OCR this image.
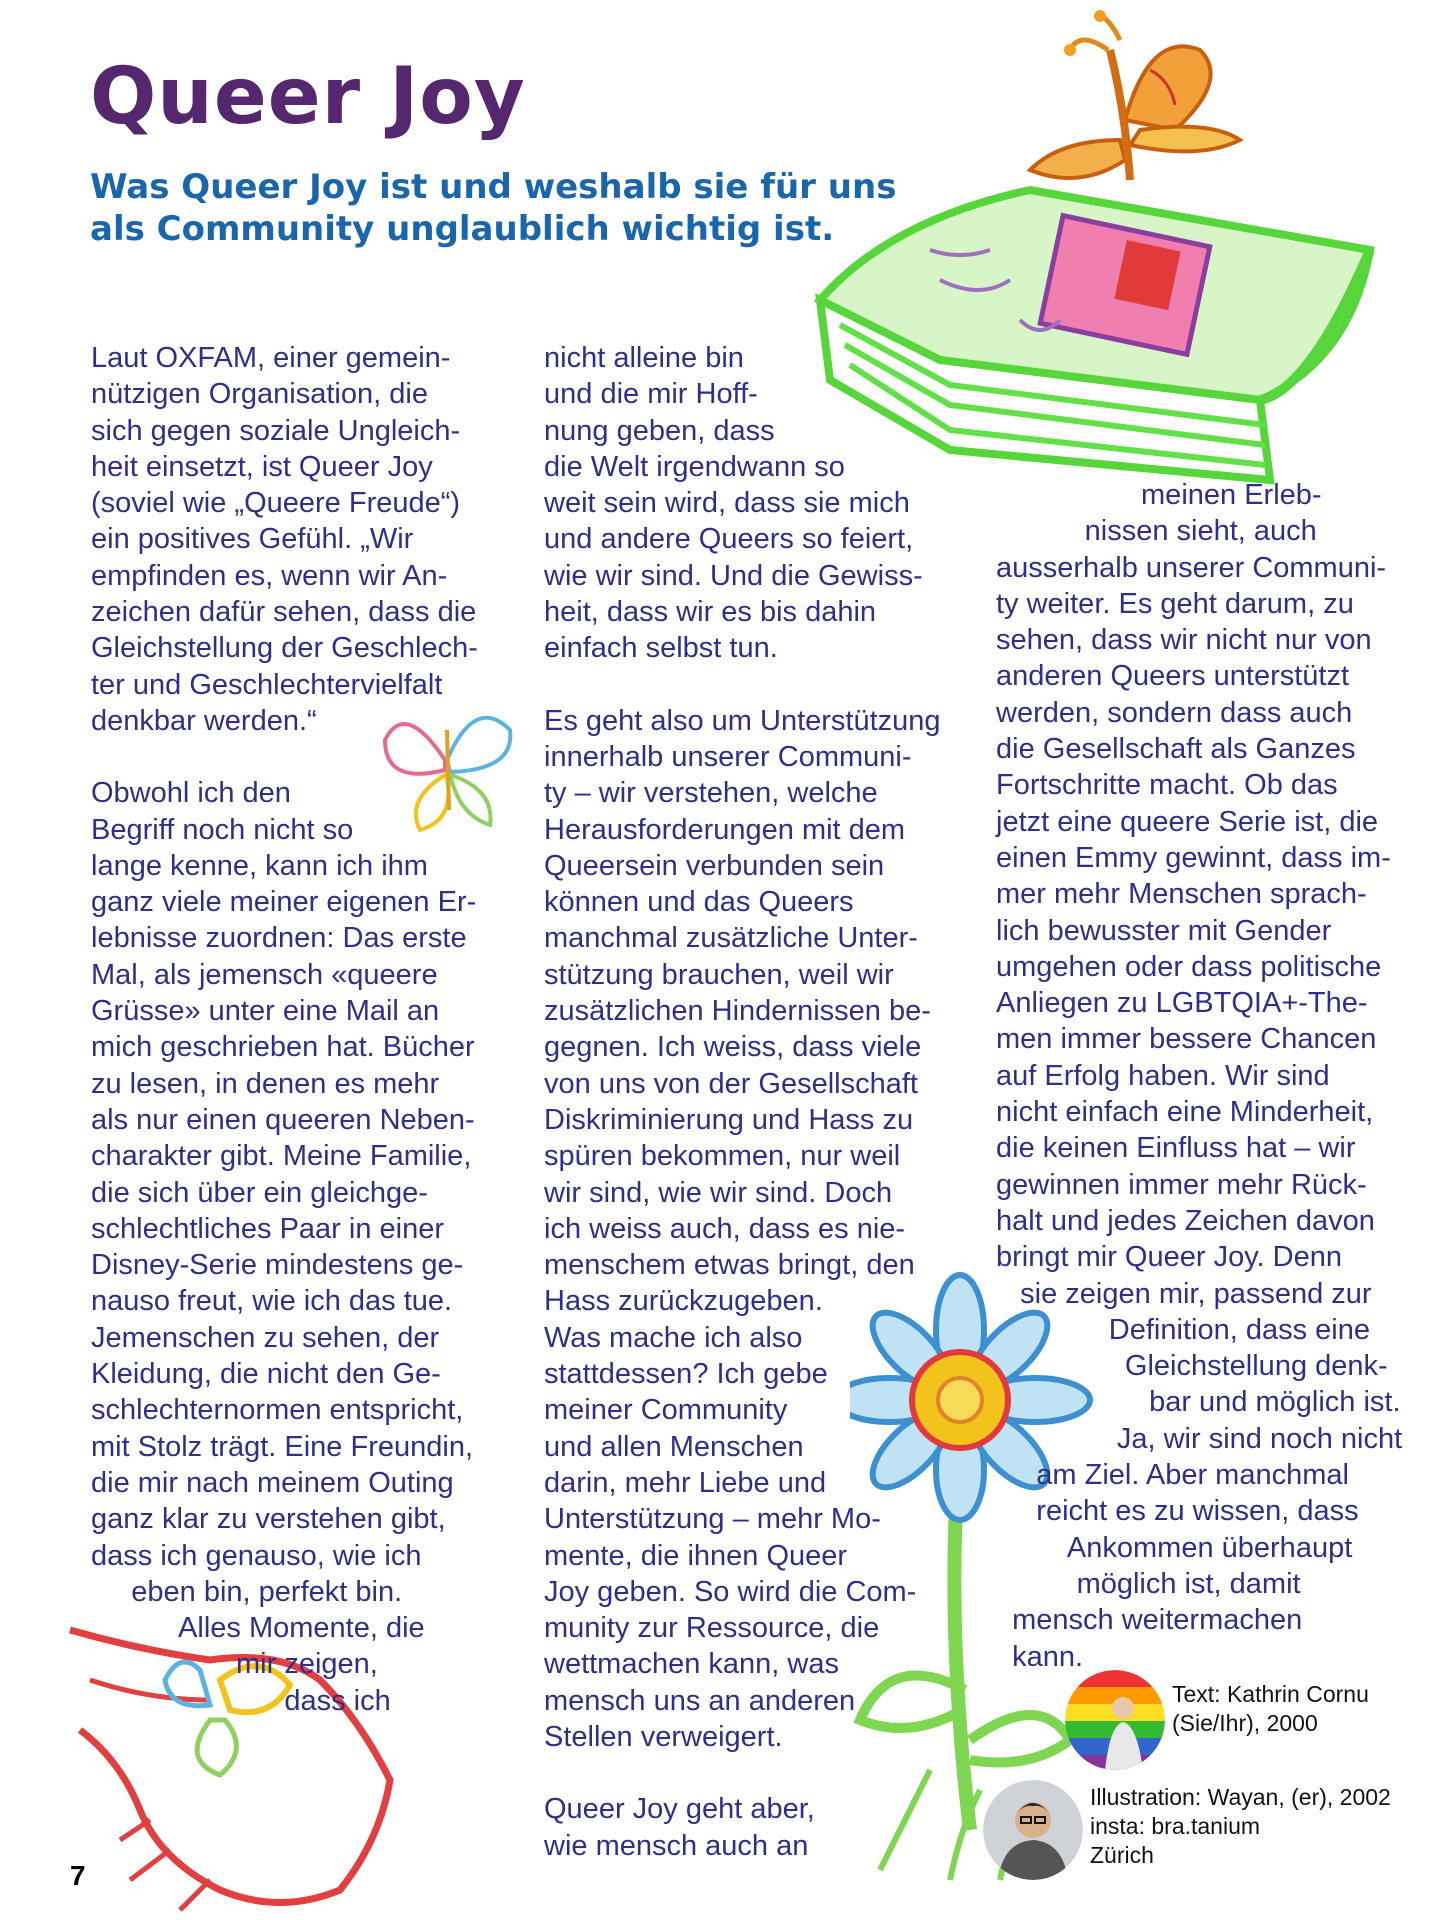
Queer Joy
Was Queer Joy ist und weshalb sie für uns
als Community unglaublich wichtig ist.

Laut OXFAM, einer gemein-

nützigen Organisation, die

sich gegen soziale Ungleich-

heit einsetzt, ist Queer Joy

(soviel wie „Queere Freude“)

ein positives Gefühl. „Wir

empfinden es, wenn wir An-

zeichen dafür sehen, dass die

Gleichstellung der Geschlech-

ter und Geschlechtervielfalt

denkbar werden.“

Obwohl ich den

Begriff noch nicht so

lange kenne, kann ich ihm

ganz viele meiner eigenen Er-

lebnisse zuordnen: Das erste

Mal, als jemensch «queere

Grüsse» unter eine Mail an

mich geschrieben hat. Bücher

zu lesen, in denen es mehr

als nur einen queeren Neben-

charakter gibt. Meine Familie,

die sich über ein gleichge-

schlechtliches Paar in einer

Disney-Serie mindestens ge-

nauso freut, wie ich das tue.

Jemenschen zu sehen, der

Kleidung, die nicht den Ge-

schlechternormen entspricht,

mit Stolz trägt. Eine Freundin,

die mir nach meinem Outing

ganz klar zu verstehen gibt,

dass ich genauso, wie ich

eben bin, perfekt bin.

Alles Momente, die

mir zeigen,

dass ich

nicht alleine bin

und die mir Hoff-

nung geben, dass

die Welt irgendwann so

weit sein wird, dass sie mich

und andere Queers so feiert,

wie wir sind. Und die Gewiss-

heit, dass wir es bis dahin

einfach selbst tun.

Es geht also um Unterstützung

innerhalb unserer Communi-

ty – wir verstehen, welche

Herausforderungen mit dem

Queersein verbunden sein

können und das Queers

manchmal zusätzliche Unter-

stützung brauchen, weil wir

zusätzlichen Hindernissen be-

gegnen. Ich weiss, dass viele

von uns von der Gesellschaft

Diskriminierung und Hass zu

spüren bekommen, nur weil

wir sind, wie wir sind. Doch

ich weiss auch, dass es nie-

menschem etwas bringt, den

Hass zurückzugeben.

Was mache ich also

stattdessen? Ich gebe

meiner Community

und allen Menschen

darin, mehr Liebe und

Unterstützung – mehr Mo-

mente, die ihnen Queer

Joy geben. So wird die Com-

munity zur Ressource, die

wettmachen kann, was

mensch uns an anderen

Stellen verweigert.

Queer Joy geht aber,

wie mensch auch an

meinen Erleb-

nissen sieht, auch

ausserhalb unserer Communi-

ty weiter. Es geht darum, zu

sehen, dass wir nicht nur von

anderen Queers unterstützt

werden, sondern dass auch

die Gesellschaft als Ganzes

Fortschritte macht. Ob das

jetzt eine queere Serie ist, die

einen Emmy gewinnt, dass im-

mer mehr Menschen sprach-

lich bewusster mit Gender

umgehen oder dass politische

Anliegen zu LGBTQIA+-The-

men immer bessere Chancen

auf Erfolg haben. Wir sind

nicht einfach eine Minderheit,

die keinen Einfluss hat – wir

gewinnen immer mehr Rück-

halt und jedes Zeichen davon

bringt mir Queer Joy. Denn

sie zeigen mir, passend zur

Definition, dass eine

Gleichstellung denk-

bar und möglich ist.

Ja, wir sind noch nicht

am Ziel. Aber manchmal

reicht es zu wissen, dass

Ankommen überhaupt

möglich ist, damit

mensch weitermachen

kann.

Text: Kathrin Cornu

(Sie/Ihr), 2000

Illustration: Wayan, (er), 2002

insta: bra.tanium

Zürich

7
